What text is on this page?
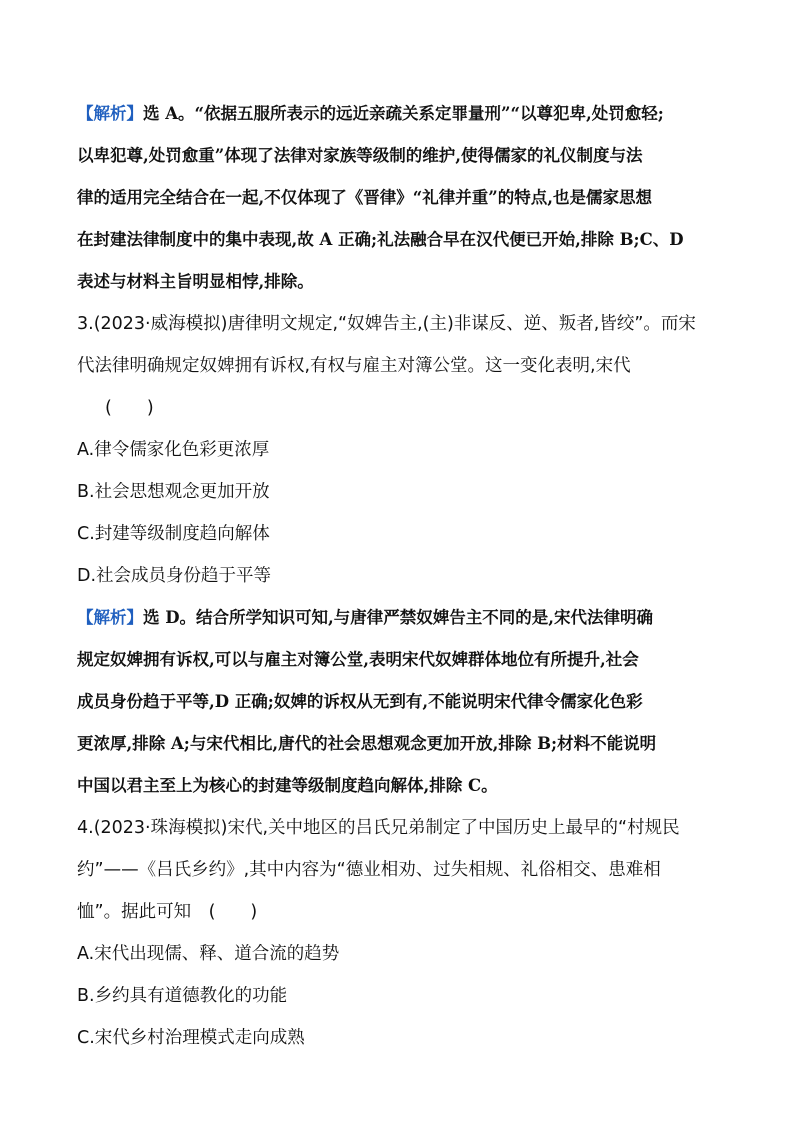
【解析】选 A。“依据五服所表示的远近亲疏关系定罪量刑”“以尊犯卑,处罚愈轻;
以卑犯尊,处罚愈重”体现了法律对家族等级制的维护,使得儒家的礼仪制度与法
律的适用完全结合在一起,不仅体现了《晋律》“礼律并重”的特点,也是儒家思想
在封建法律制度中的集中表现,故 A 正确;礼法融合早在汉代便已开始,排除 B;C、D
表述与材料主旨明显相悖,排除。
3.(2023·威海模拟)唐律明文规定,“奴婢告主,(主)非谋反、逆、叛者,皆绞”。而宋
代法律明确规定奴婢拥有诉权,有权与雇主对簿公堂。这一变化表明,宋代
(　　)
A.律令儒家化色彩更浓厚
B.社会思想观念更加开放
C.封建等级制度趋向解体
D.社会成员身份趋于平等
【解析】选 D。结合所学知识可知,与唐律严禁奴婢告主不同的是,宋代法律明确
规定奴婢拥有诉权,可以与雇主对簿公堂,表明宋代奴婢群体地位有所提升,社会
成员身份趋于平等,D 正确;奴婢的诉权从无到有,不能说明宋代律令儒家化色彩
更浓厚,排除 A;与宋代相比,唐代的社会思想观念更加开放,排除 B;材料不能说明
中国以君主至上为核心的封建等级制度趋向解体,排除 C。
4.(2023·珠海模拟)宋代,关中地区的吕氏兄弟制定了中国历史上最早的“村规民
约”——《吕氏乡约》,其中内容为“德业相劝、过失相规、礼俗相交、患难相
恤”。据此可知　(　　)
A.宋代出现儒、释、道合流的趋势
B.乡约具有道德教化的功能
C.宋代乡村治理模式走向成熟
